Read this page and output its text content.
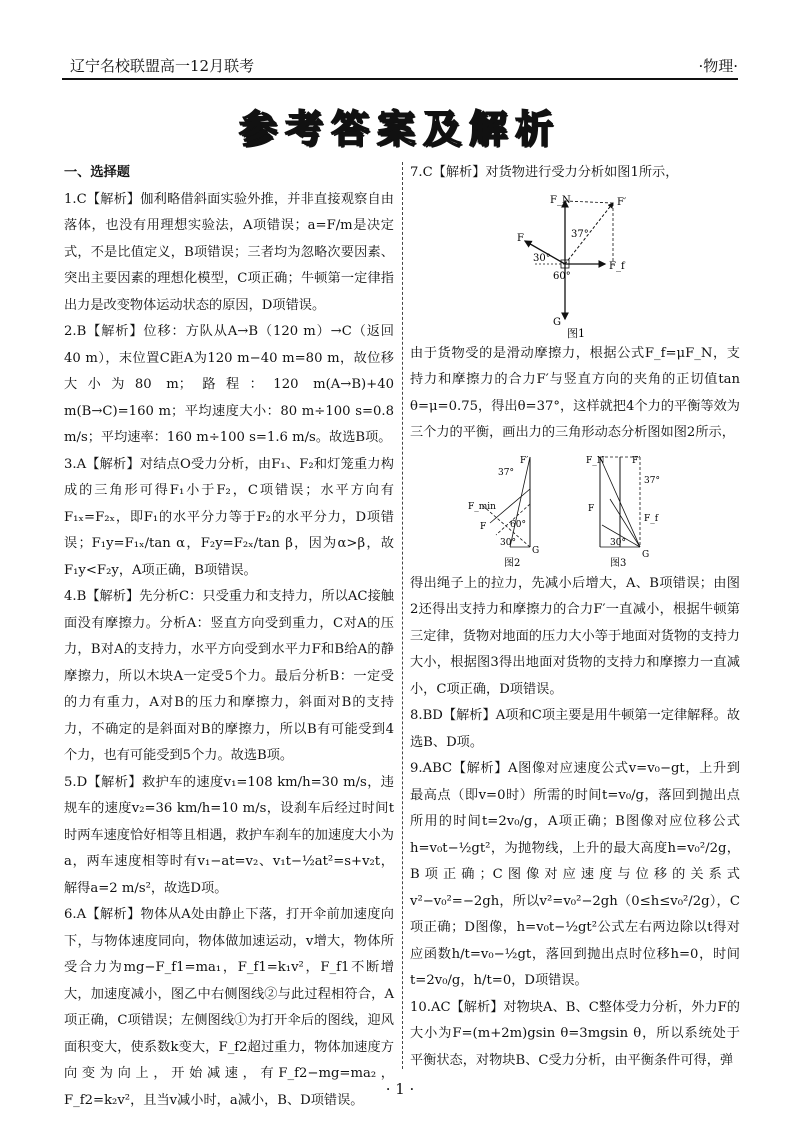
辽宁名校联盟高一12月联考	·物理·
参考答案及解析
一、选择题
1.C【解析】伽利略借斜面实验外推，并非直接观察自由落体，也没有用理想实验法，A项错误；a=F/m是决定式，不是比值定义，B项错误；三者均为忽略次要因素、突出主要因素的理想化模型，C项正确；牛顿第一定律指出力是改变物体运动状态的原因，D项错误。
2.B【解析】位移：方队从A→B（120 m）→C（返回40 m），末位置C距A为120 m−40 m=80 m，故位移大小为80 m；路程：120 m(A→B)+40 m(B→C)=160 m；平均速度大小：80 m÷100 s=0.8 m/s；平均速率：160 m÷100 s=1.6 m/s。故选B项。
3.A【解析】对结点O受力分析，由F₁、F₂和灯笼重力构成的三角形可得F₁小于F₂，C项错误；水平方向有F₁ₓ=F₂ₓ，即F₁的水平分力等于F₂的水平分力，D项错误；F₁y=F₁ₓ/tan α，F₂y=F₂ₓ/tan β，因为α>β，故F₁y<F₂y，A项正确，B项错误。
4.B【解析】先分析C：只受重力和支持力，所以AC接触面没有摩擦力。分析A：竖直方向受到重力，C对A的压力，B对A的支持力，水平方向受到水平力F和B给A的静摩擦力，所以木块A一定受5个力。最后分析B：一定受的力有重力，A对B的压力和摩擦力，斜面对B的支持力，不确定的是斜面对B的摩擦力，所以B有可能受到4个力，也有可能受到5个力。故选B项。
5.D【解析】救护车的速度v₁=108 km/h=30 m/s，违规车的速度v₂=36 km/h=10 m/s，设刹车后经过时间t时两车速度恰好相等且相遇，救护车刹车的加速度大小为a，两车速度相等时有v₁−at=v₂、v₁t−½at²=s+v₂t，解得a=2 m/s²，故选D项。
6.A【解析】物体从A处由静止下落，打开伞前加速度向下，与物体速度同向，物体做加速运动，v增大，物体所受合力为mg−F_f1=ma₁，F_f1=k₁v²，F_f1不断增大，加速度减小，图乙中右侧图线②与此过程相符合，A项正确，C项错误；左侧图线①为打开伞后的图线，迎风面积变大，使系数k变大，F_f2超过重力，物体加速度方向变为向上，开始减速，有F_f2−mg=ma₂，F_f2=k₂v²，且当v减小时，a减小，B、D项错误。
7.C【解析】对货物进行受力分析如图1所示，
F_N	F′
37°
F
30°
60°
F_f
G
图1
由于货物受的是滑动摩擦力，根据公式F_f=μF_N，支持力和摩擦力的合力F′与竖直方向的夹角的正切值tan θ=μ=0.75，得出θ=37°，这样就把4个力的平衡等效为三个力的平衡，画出力的三角形动态分析图如图2所示，
F′
37°
F_min
F	60°
30°
G
图2
F_N	F′
37°
F
F_f
30°
G
图3
得出绳子上的拉力，先减小后增大，A、B项错误；由图2还得出支持力和摩擦力的合力F′一直减小，根据牛顿第三定律，货物对地面的压力大小等于地面对货物的支持力大小，根据图3得出地面对货物的支持力和摩擦力一直减小，C项正确，D项错误。
8.BD【解析】A项和C项主要是用牛顿第一定律解释。故选B、D项。
9.ABC【解析】A图像对应速度公式v=v₀−gt，上升到最高点（即v=0时）所需的时间t=v₀/g，落回到抛出点所用的时间t=2v₀/g，A项正确；B图像对应位移公式h=v₀t−½gt²，为抛物线，上升的最大高度h=v₀²/2g，B项正确；C图像对应速度与位移的关系式v²−v₀²=−2gh，所以v²=v₀²−2gh（0≤h≤v₀²/2g），C项正确；D图像，h=v₀t−½gt²公式左右两边除以t得对应函数h/t=v₀−½gt，落回到抛出点时位移h=0，时间t=2v₀/g，h/t=0，D项错误。
10.AC【解析】对物块A、B、C整体受力分析，外力F的大小为F=(m+2m)gsin θ=3mgsin θ，所以系统处于平衡状态，对物块B、C受力分析，由平衡条件可得，弹
· 1 ·
